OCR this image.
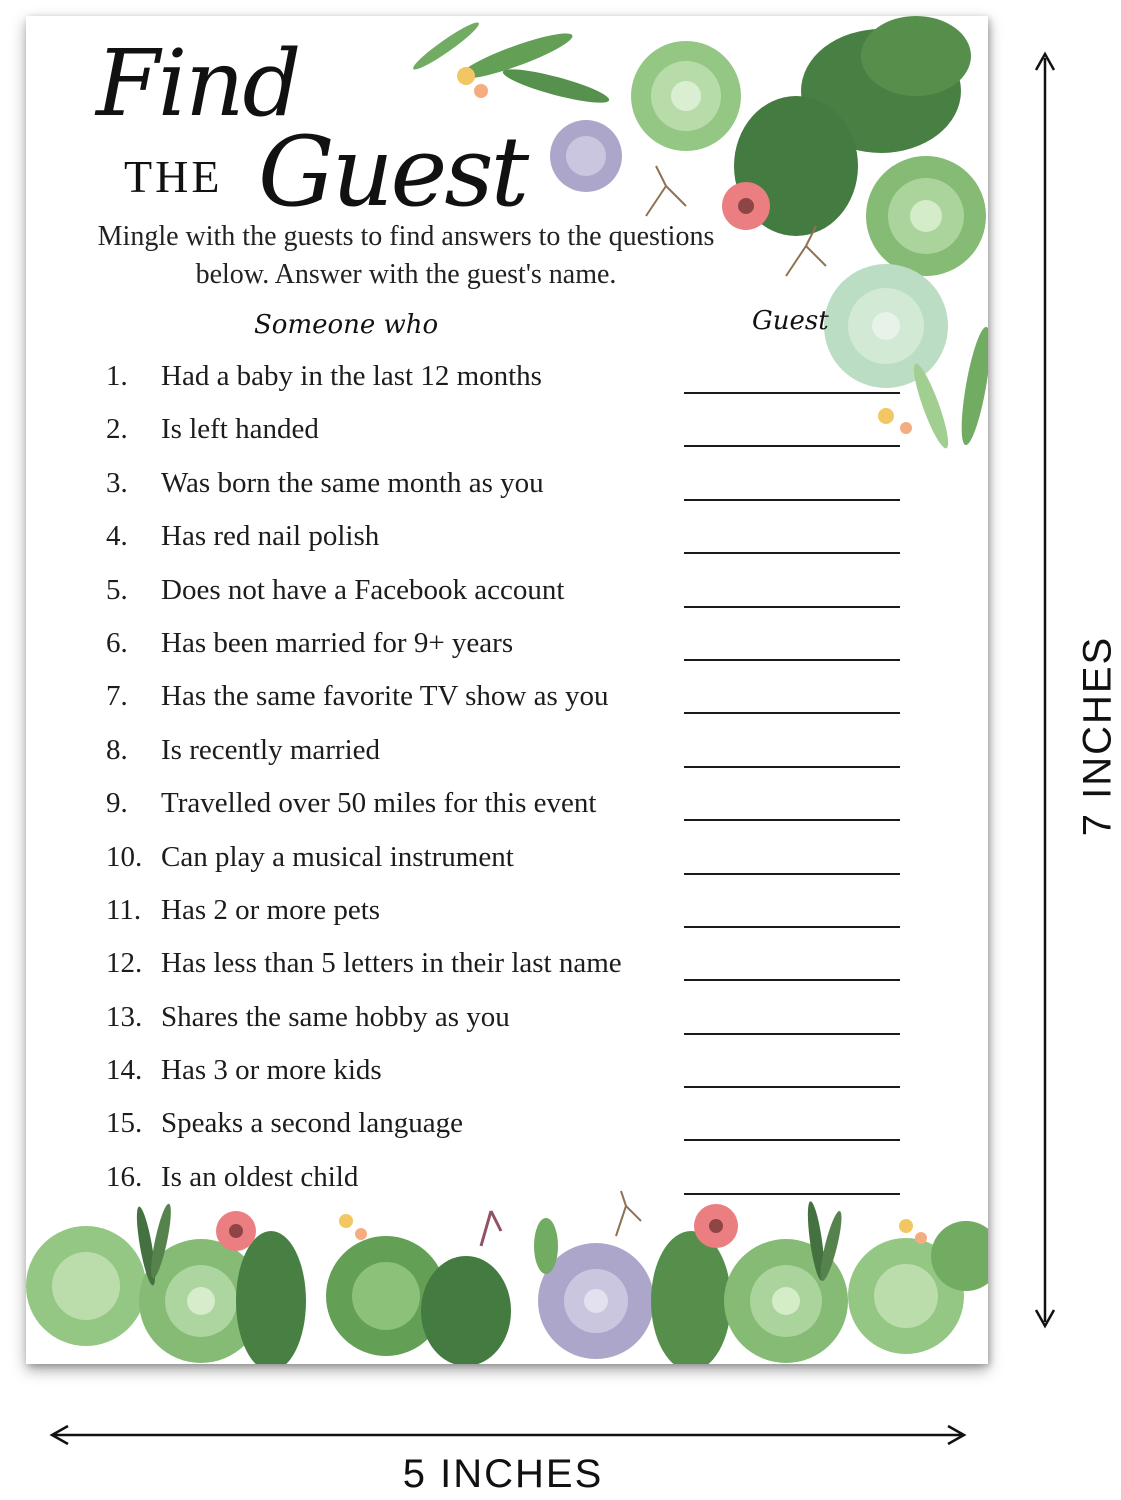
Find
THE Guest
Mingle with the guests to find answers to the questions below. Answer with the guest's name.
Someone who	Guest
1. Had a baby in the last 12 months
2. Is left handed
3. Was born the same month as you
4. Has red nail polish
5. Does not have a Facebook account
6. Has been married for 9+ years
7. Has the same favorite TV show as you
8. Is recently married
9. Travelled over 50 miles for this event
10. Can play a musical instrument
11. Has 2 or more pets
12. Has less than 5 letters in their last name
13. Shares the same hobby as you
14. Has 3 or more kids
15. Speaks a second language
16. Is an oldest child
7 INCHES
5 INCHES
